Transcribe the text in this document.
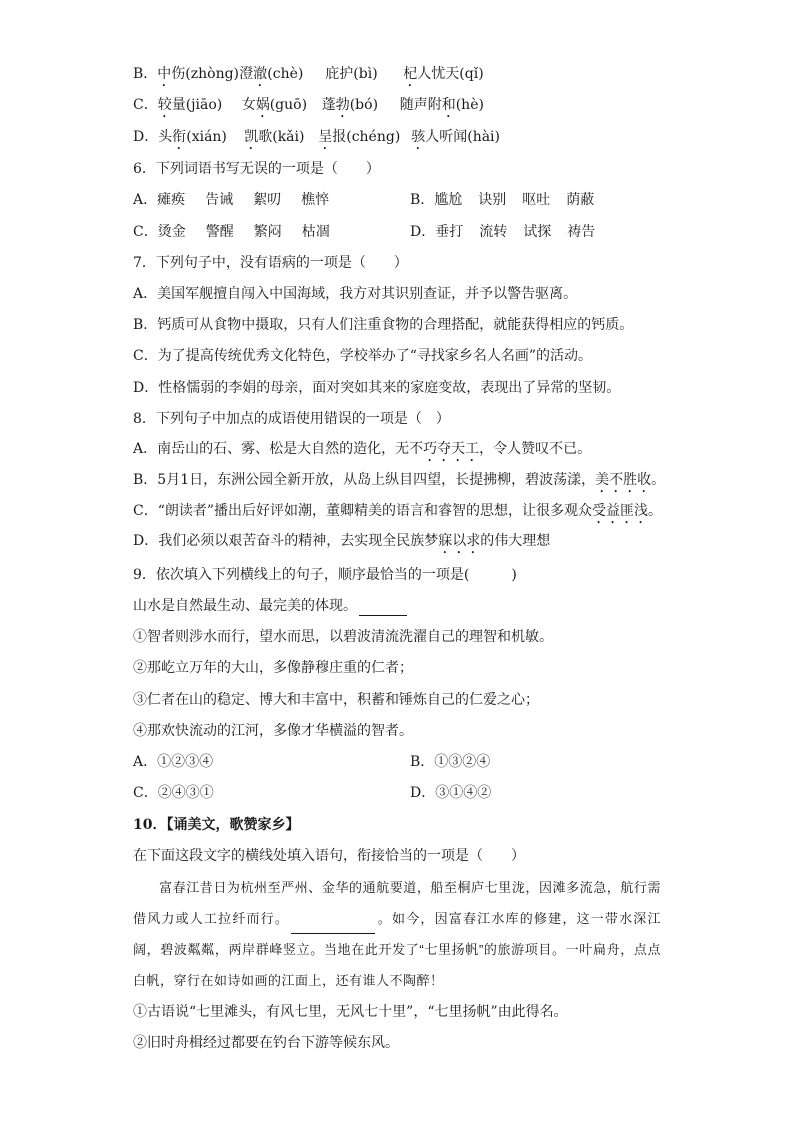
B．中伤(zhòng)澄澈(chè) 庇护(bì) 杞人忧天(qǐ)
C．较量(jiāo) 女娲(guō) 蓬勃(bó) 随声附和(hè)
D．头衔(xián) 凯歌(kǎi) 呈报(chéng) 骇人听闻(hài)

6．下列词语书写无误的一项是（　　）

A．瘫痪 告诫 絮叨 樵悴	B．尴尬 诀别 呕吐 荫蔽
C．烫金 警醒 繁闷 枯凅	D．垂打 流转 试探 祷告

7．下列句子中，没有语病的一项是（　　）

A．美国军舰擅自闯入中国海域，我方对其识别查证，并予以警告驱离。

B．钙质可从食物中摄取，只有人们注重食物的合理搭配，就能获得相应的钙质。

C．为了提高传统优秀文化特色，学校举办了“寻找家乡名人名画”的活动。

D．性格懦弱的李娟的母亲，面对突如其来的家庭变故，表现出了异常的坚韧。

8．下列句子中加点的成语使用错误的一项是（　）

A．南岳山的石、雾、松是大自然的造化，无不巧夺天工，令人赞叹不已。

B．5月1日，东洲公园全新开放，从岛上纵目四望，长提拂柳，碧波荡漾，美不胜收。

C．“朗读者”播出后好评如潮，董卿精美的语言和睿智的思想，让很多观众受益匪浅。

D．我们必须以艰苦奋斗的精神，去实现全民族梦寐以求的伟大理想

9．依次填入下列横线上的句子，顺序最恰当的一项是(　　　)

山水是自然最生动、最完美的体现。

①智者则涉水而行，望水而思，以碧波清流洗濯自己的理智和机敏。

②那屹立万年的大山，多像静穆庄重的仁者；

③仁者在山的稳定、博大和丰富中，积蓄和锤炼自己的仁爱之心；

④那欢快流动的江河，多像才华横溢的智者。

A．①②③④	B．①③②④
C．②④③①	D．③①④②

10．【诵美文，歌赞家乡】

在下面这段文字的横线处填入语句，衔接恰当的一项是（　　）

富春江昔日为杭州至严州、金华的通航要道，船至桐庐七里泷，因滩多流急，航行需借风力或人工拉纤而行。	。如今，因富春江水库的修建，这一带水深江阔，碧波粼粼，两岸群峰竖立。当地在此开发了“七里扬帆”的旅游项目。一叶扁舟，点点白帆，穿行在如诗如画的江面上，还有谁人不陶醉！

①古语说“七里滩头，有风七里，无风七十里”，“七里扬帆”由此得名。

②旧时舟楫经过都要在钓台下游等候东风。
